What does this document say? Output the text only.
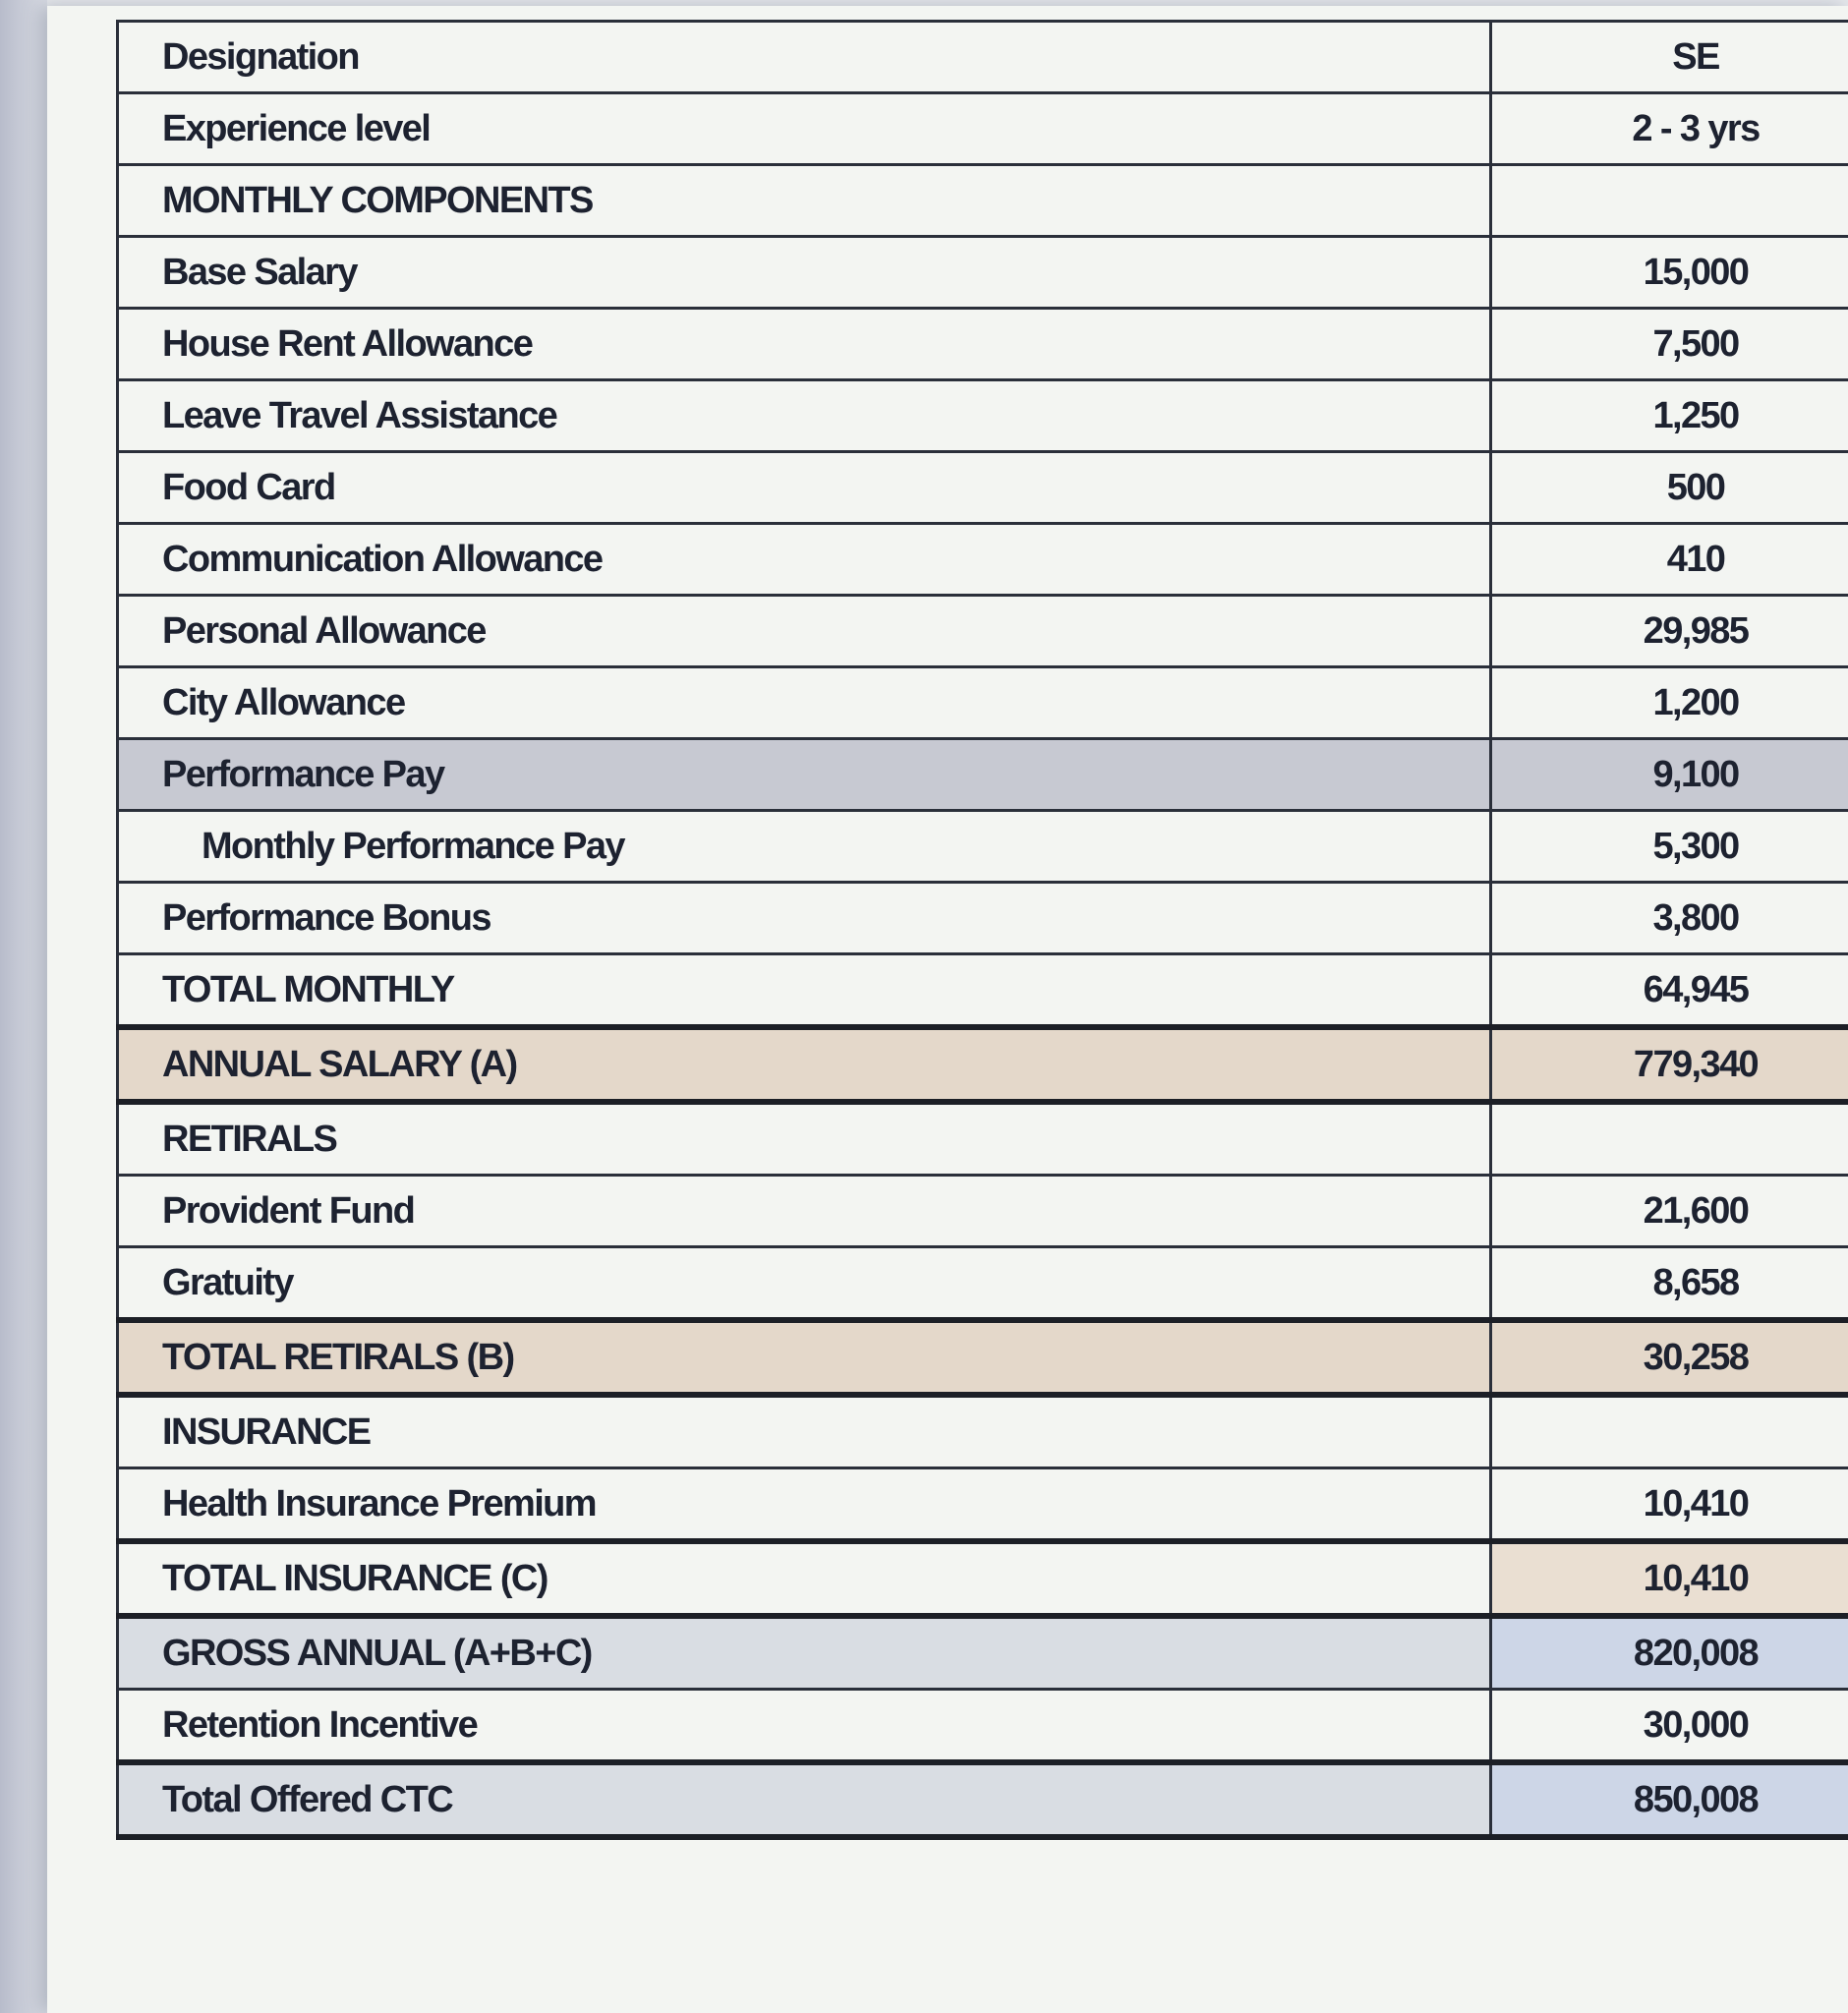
Designation	SE
Experience level	2 - 3 yrs
MONTHLY COMPONENTS	
Base Salary	15,000
House Rent Allowance	7,500
Leave Travel Assistance	1,250
Food Card	500
Communication Allowance	410
Personal Allowance	29,985
City Allowance	1,200
Performance Pay	9,100
Monthly Performance Pay	5,300
Performance Bonus	3,800
TOTAL MONTHLY	64,945
ANNUAL SALARY (A)	779,340
RETIRALS	
Provident Fund	21,600
Gratuity	8,658
TOTAL RETIRALS (B)	30,258
INSURANCE	
Health Insurance Premium	10,410
TOTAL INSURANCE (C)	10,410
GROSS ANNUAL (A+B+C)	820,008
Retention Incentive	30,000
Total Offered CTC	850,008
